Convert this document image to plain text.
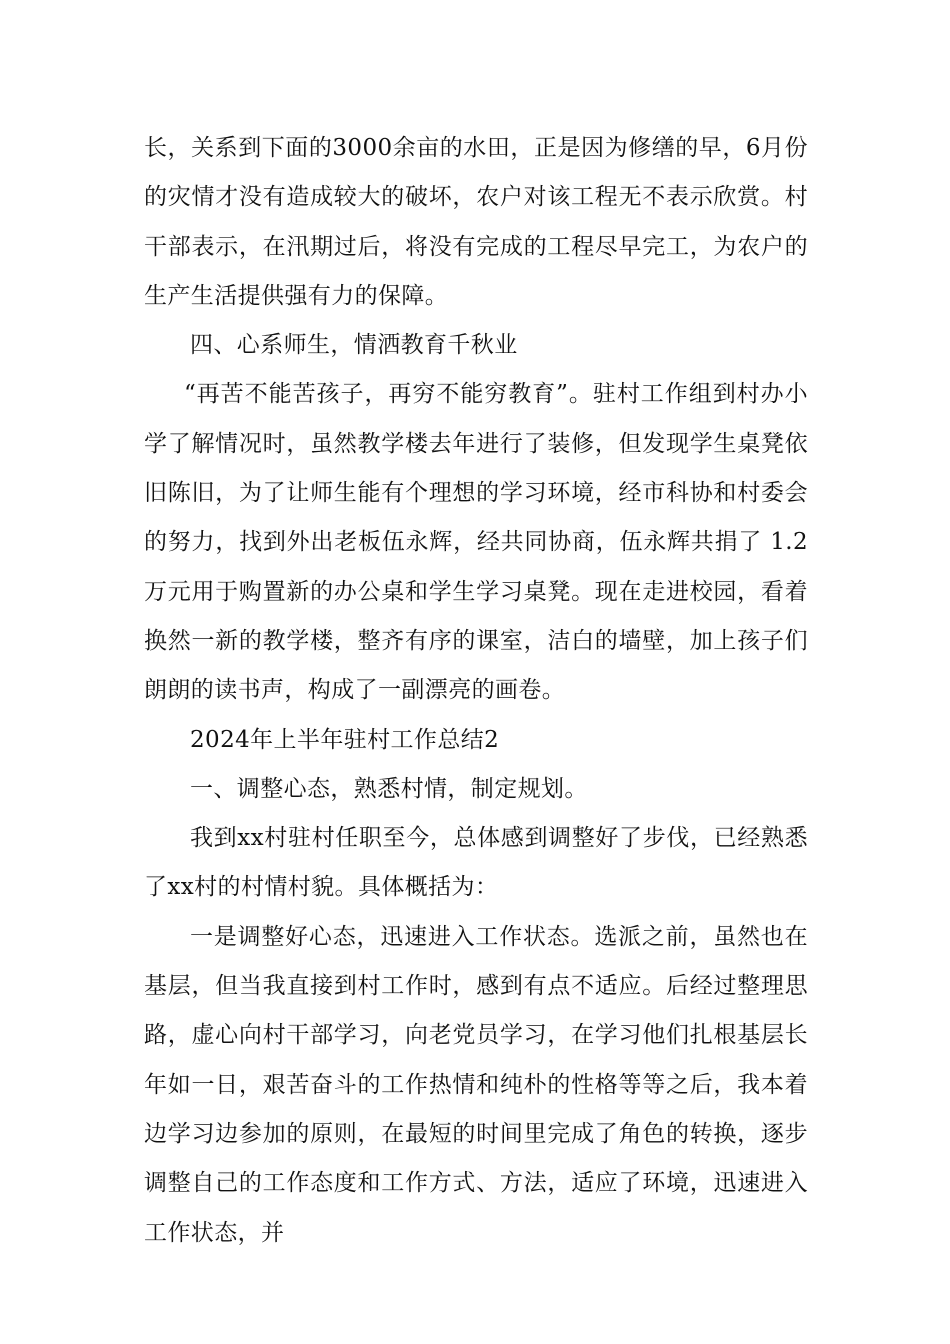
长，关系到下面的3000余亩的水田，正是因为修缮的早，6月份的灾情才没有造成较大的破坏，农户对该工程无不表示欣赏。村干部表示，在汛期过后，将没有完成的工程尽早完工，为农户的生产生活提供强有力的保障。

四、心系师生，情洒教育千秋业

“再苦不能苦孩子，再穷不能穷教育”。驻村工作组到村办小学了解情况时，虽然教学楼去年进行了装修，但发现学生桌凳依旧陈旧，为了让师生能有个理想的学习环境，经市科协和村委会的努力，找到外出老板伍永辉，经共同协商，伍永辉共捐了 1.2万元用于购置新的办公桌和学生学习桌凳。现在走进校园，看着换然一新的教学楼，整齐有序的课室，洁白的墙壁，加上孩子们朗朗的读书声，构成了一副漂亮的画卷。

2024年上半年驻村工作总结2

一、调整心态，熟悉村情，制定规划。

我到xx村驻村任职至今，总体感到调整好了步伐，已经熟悉了xx村的村情村貌。具体概括为：

一是调整好心态，迅速进入工作状态。选派之前，虽然也在基层，但当我直接到村工作时，感到有点不适应。后经过整理思路，虚心向村干部学习，向老党员学习，在学习他们扎根基层长年如一日，艰苦奋斗的工作热情和纯朴的性格等等之后，我本着边学习边参加的原则，在最短的时间里完成了角色的转换，逐步调整自己的工作态度和工作方式、方法，适应了环境，迅速进入工作状态，并
